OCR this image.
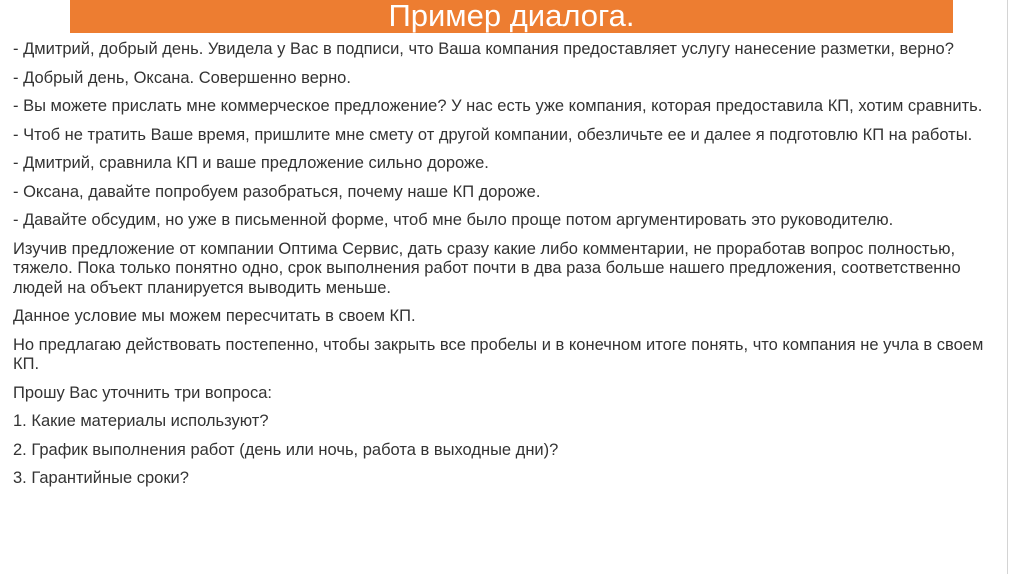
Пример диалога.

- Дмитрий, добрый день. Увидела у Вас в подписи, что Ваша компания предоставляет услугу нанесение разметки, верно?

- Добрый день, Оксана. Совершенно верно.

- Вы можете прислать мне коммерческое предложение? У нас есть уже компания, которая предоставила КП, хотим сравнить.

- Чтоб не тратить Ваше время, пришлите мне смету от другой компании, обезличьте ее и далее я подготовлю КП на работы.

- Дмитрий, сравнила КП и ваше предложение сильно дороже.

- Оксана, давайте попробуем разобраться, почему наше КП дороже.

- Давайте обсудим, но уже в письменной форме, чтоб мне было проще потом аргументировать это руководителю.

Изучив предложение от компании Оптима Сервис, дать сразу какие либо комментарии, не проработав вопрос полностью, тяжело. Пока только понятно одно, срок выполнения работ почти в два раза больше нашего предложения, соответственно людей на объект планируется выводить меньше.

Данное условие мы можем пересчитать в своем КП.

Но предлагаю действовать постепенно, чтобы закрыть все пробелы и в конечном итоге понять, что компания не учла в своем КП.

Прошу Вас уточнить три вопроса:

1. Какие материалы используют?

2. График выполнения работ (день или ночь, работа в выходные дни)?

3. Гарантийные сроки?
